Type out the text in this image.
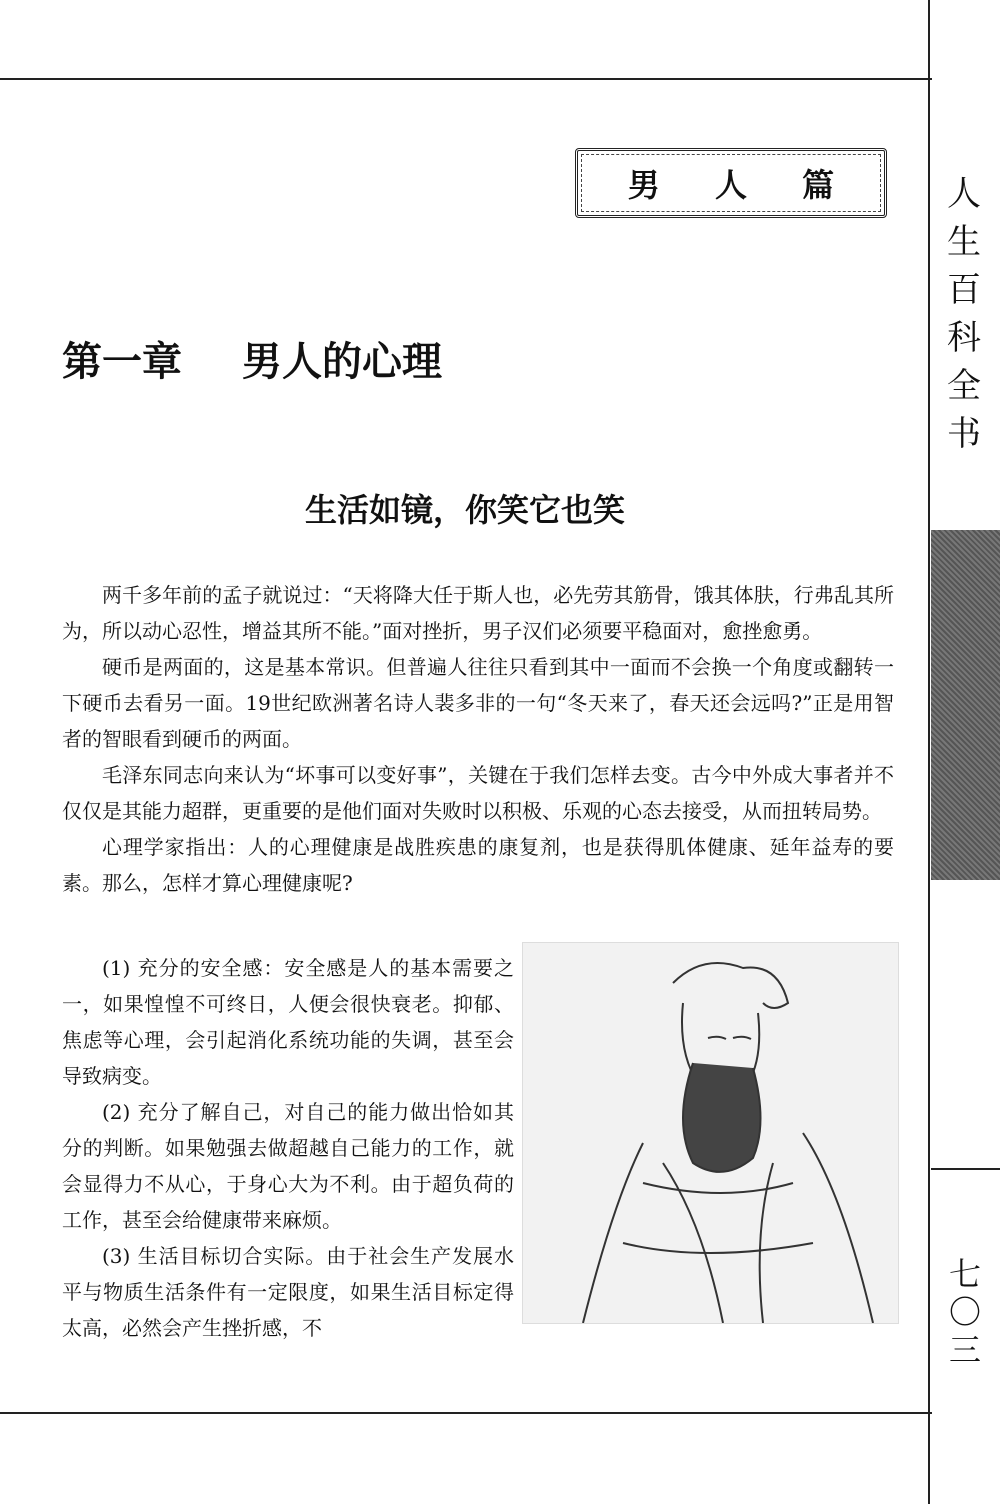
人
生
百
科
全
书
七
〇
三
男 人 篇
第一章 男人的心理
生活如镜，你笑它也笑

两千多年前的孟子就说过：“天将降大任于斯人也，必先劳其筋骨，饿其体肤，行弗乱其所为，所以动心忍性，增益其所不能。”面对挫折，男子汉们必须要平稳面对，愈挫愈勇。

硬币是两面的，这是基本常识。但普遍人往往只看到其中一面而不会换一个角度或翻转一下硬币去看另一面。19世纪欧洲著名诗人裴多非的一句“冬天来了，春天还会远吗?”正是用智者的智眼看到硬币的两面。

毛泽东同志向来认为“坏事可以变好事”，关键在于我们怎样去变。古今中外成大事者并不仅仅是其能力超群，更重要的是他们面对失败时以积极、乐观的心态去接受，从而扭转局势。

心理学家指出：人的心理健康是战胜疾患的康复剂，也是获得肌体健康、延年益寿的要素。那么，怎样才算心理健康呢?

(1) 充分的安全感：安全感是人的基本需要之一，如果惶惶不可终日，人便会很快衰老。抑郁、焦虑等心理，会引起消化系统功能的失调，甚至会导致病变。

(2) 充分了解自己，对自己的能力做出恰如其分的判断。如果勉强去做超越自己能力的工作，就会显得力不从心，于身心大为不利。由于超负荷的工作，甚至会给健康带来麻烦。

(3) 生活目标切合实际。由于社会生产发展水平与物质生活条件有一定限度，如果生活目标定得太高，必然会产生挫折感，不
